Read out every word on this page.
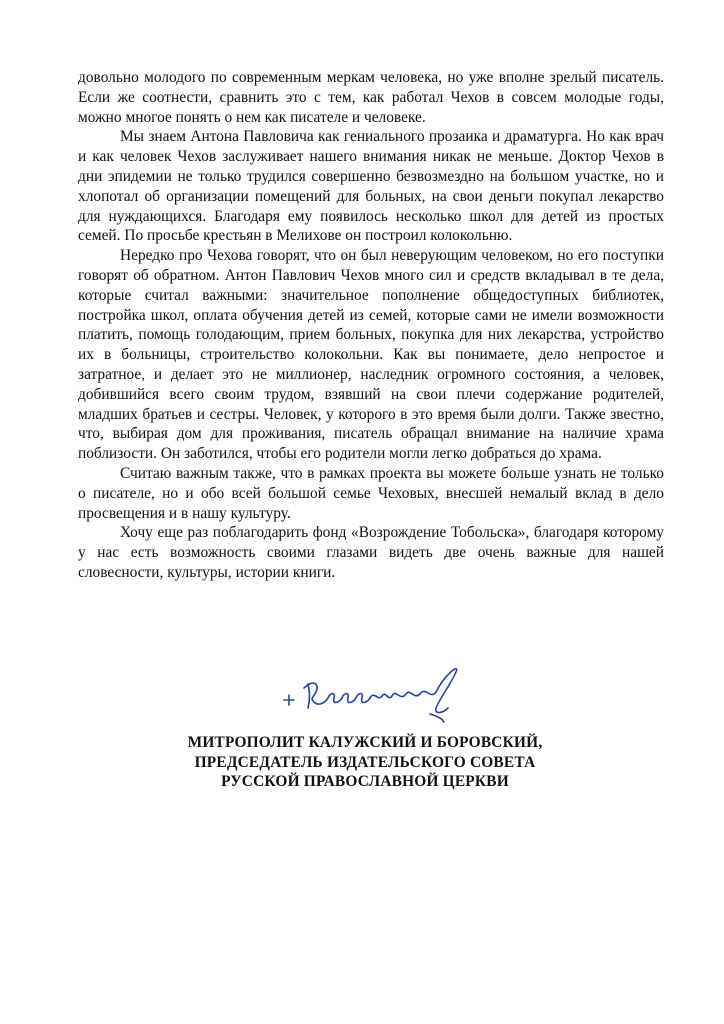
довольно молодого по современным меркам человека, но уже вполне зрелый писатель. Если же соотнести, сравнить это с тем, как работал Чехов в совсем молодые годы, можно многое понять о нем как писателе и человеке.

Мы знаем Антона Павловича как гениального прозаика и драматурга. Но как врач и как человек Чехов заслуживает нашего внимания никак не меньше. Доктор Чехов в дни эпидемии не только трудился совершенно безвозмездно на большом участке, но и хлопотал об организации помещений для больных, на свои деньги покупал лекарство для нуждающихся. Благодаря ему появилось несколько школ для детей из простых семей. По просьбе крестьян в Мелихове он построил колокольню.

Нередко про Чехова говорят, что он был неверующим человеком, но его поступки говорят об обратном. Антон Павлович Чехов много сил и средств вкладывал в те дела, которые считал важными: значительное пополнение общедоступных библиотек, постройка школ, оплата обучения детей из семей, которые сами не имели возможности платить, помощь голодающим, прием больных, покупка для них лекарства, устройство их в больницы, строительство колокольни. Как вы понимаете, дело непростое и затратное, и делает это не миллионер, наследник огромного состояния, а человек, добившийся всего своим трудом, взявший на свои плечи содержание родителей, младших братьев и сестры. Человек, у которого в это время были долги. Также звестно, что, выбирая дом для проживания, писатель обращал внимание на наличие храма поблизости. Он заботился, чтобы его родители могли легко добраться до храма.

Считаю важным также, что в рамках проекта вы можете больше узнать не только о писателе, но и обо всей большой семье Чеховых, внесшей немалый вклад в дело просвещения и в нашу культуру.

Хочу еще раз поблагодарить фонд «Возрождение Тобольска», благодаря которому у нас есть возможность своими глазами видеть две очень важные для нашей словесности, культуры, истории книги.

МИТРОПОЛИТ КАЛУЖСКИЙ И БОРОВСКИЙ,
ПРЕДСЕДАТЕЛЬ ИЗДАТЕЛЬСКОГО СОВЕТА
РУССКОЙ ПРАВОСЛАВНОЙ ЦЕРКВИ
